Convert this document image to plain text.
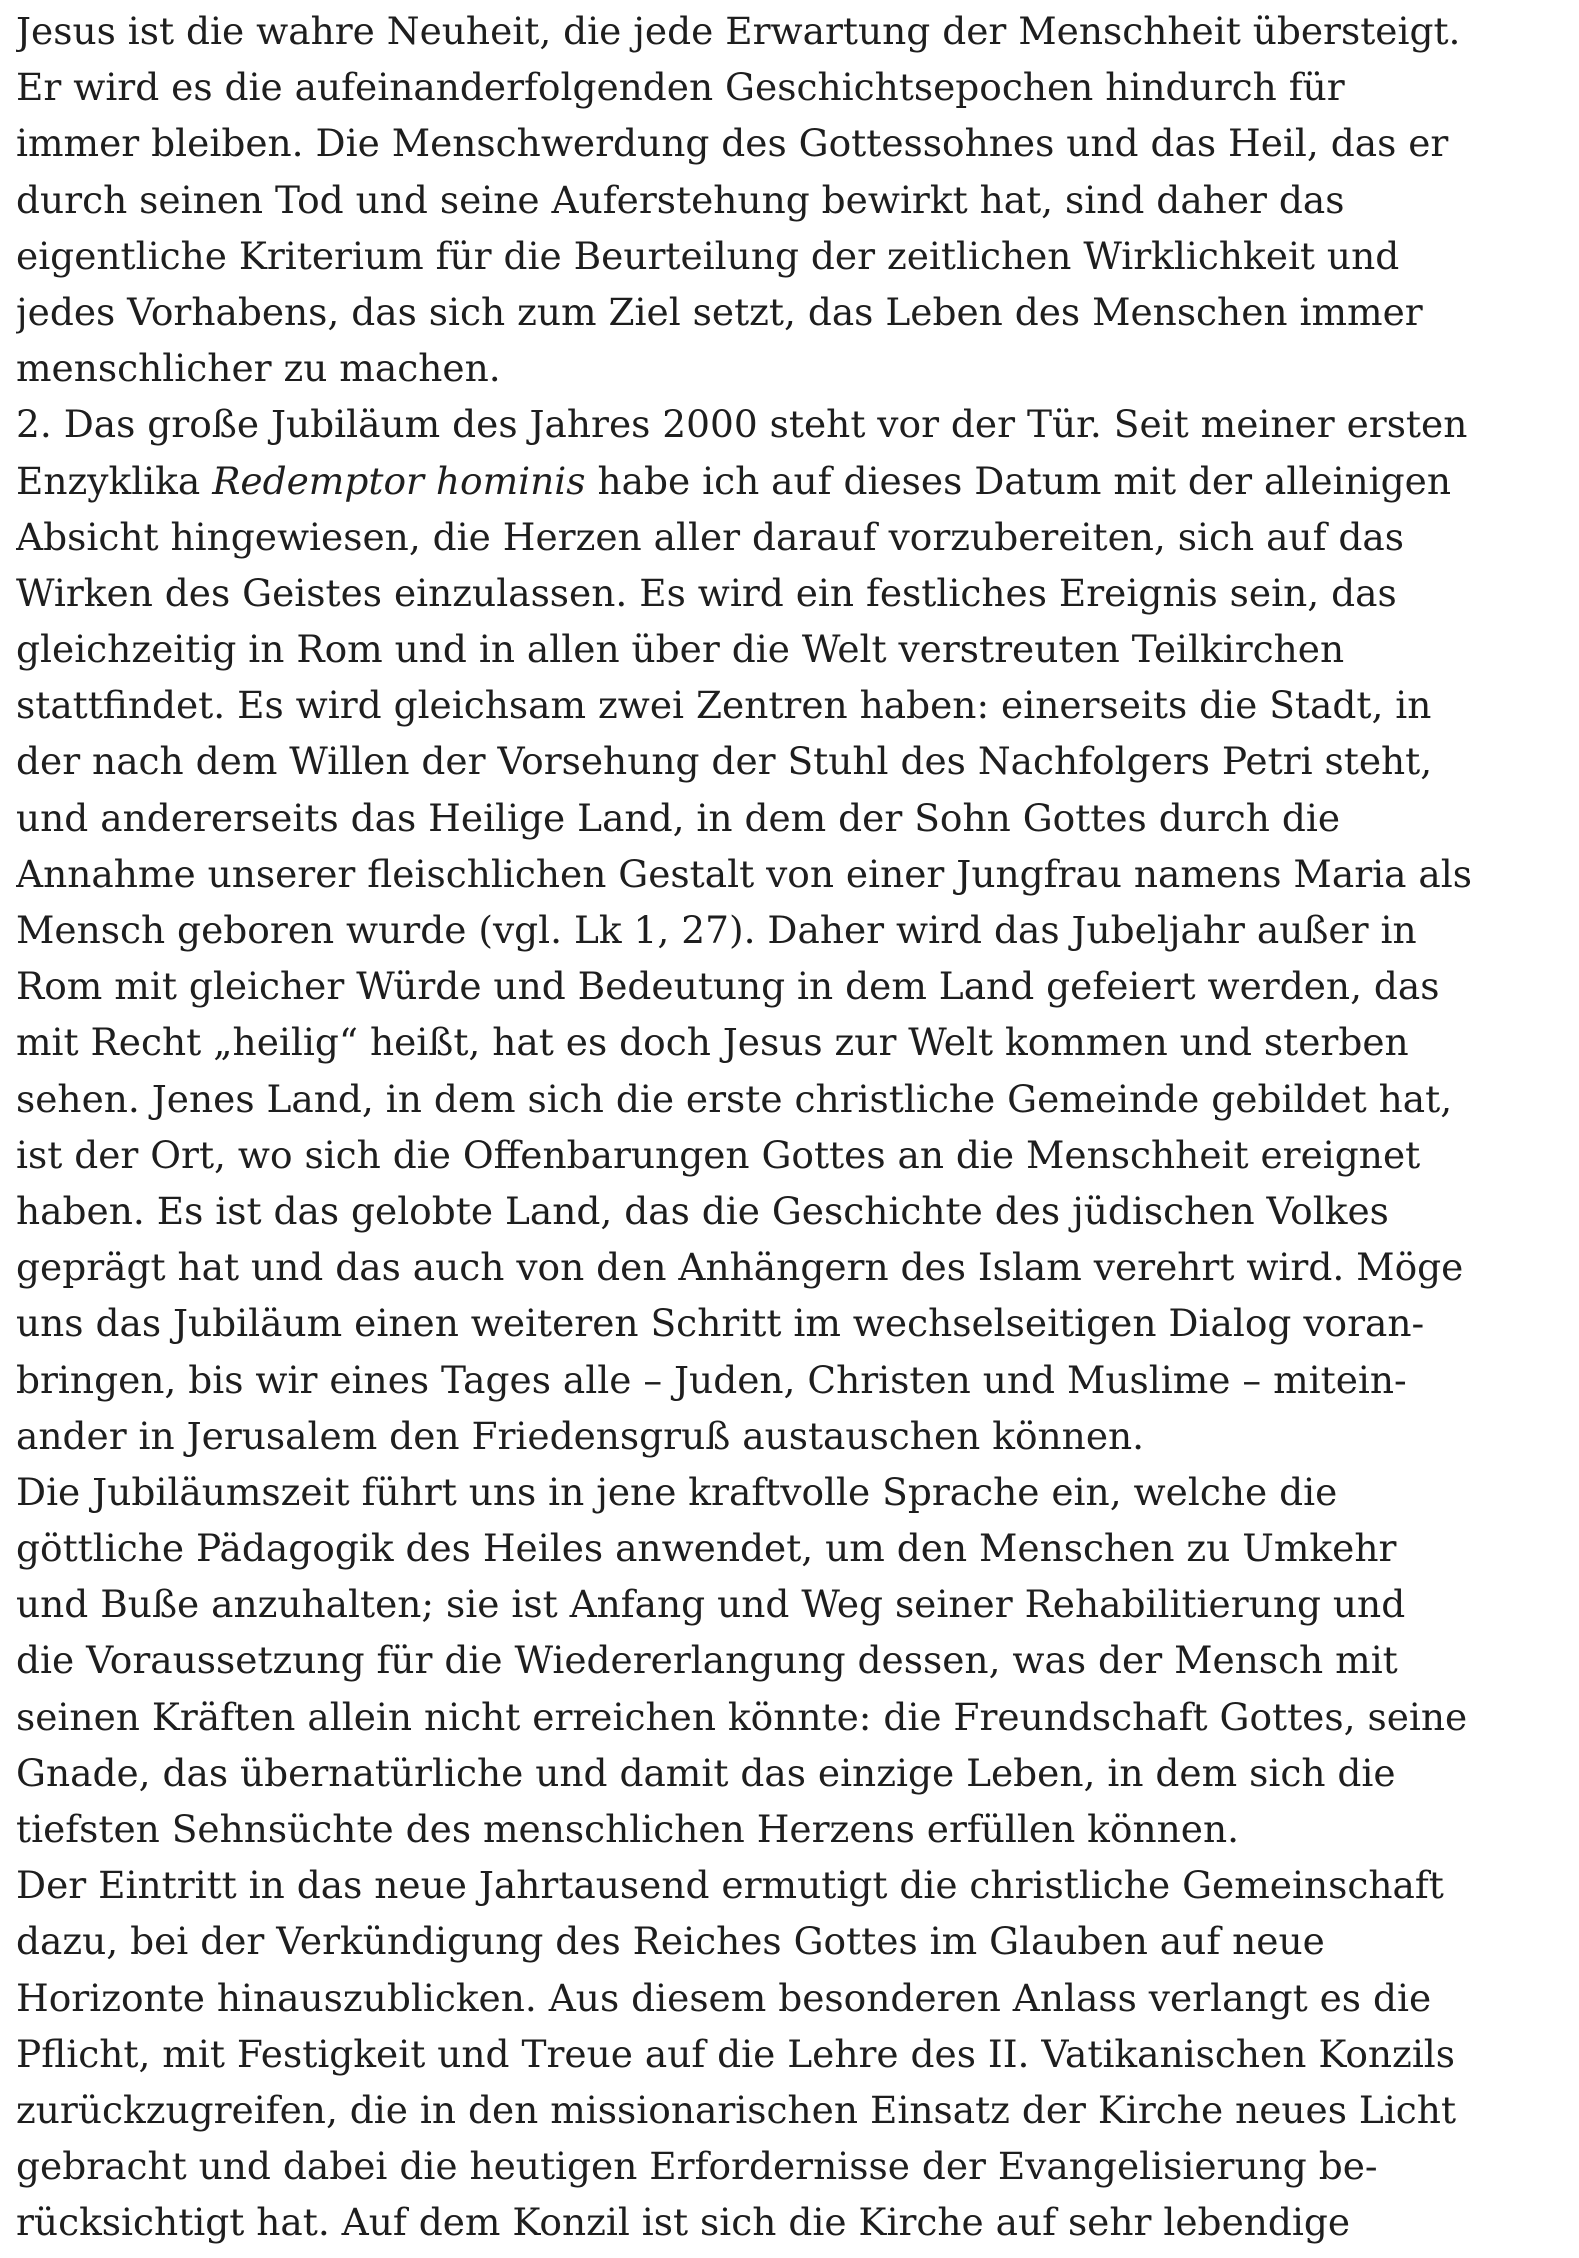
Jesus ist die wahre Neuheit, die jede Erwartung der Menschheit übersteigt.
Er wird es die aufeinanderfolgenden Geschichtsepochen hindurch für
immer bleiben. Die Menschwerdung des Gottessohnes und das Heil, das er
durch seinen Tod und seine Auferstehung bewirkt hat, sind daher das
eigentliche Kriterium für die Beurteilung der zeitlichen Wirklichkeit und
jedes Vorhabens, das sich zum Ziel setzt, das Leben des Menschen immer
menschlicher zu machen.
2. Das große Jubiläum des Jahres 2000 steht vor der Tür. Seit meiner ersten
Enzyklika Redemptor hominis habe ich auf dieses Datum mit der alleinigen
Absicht hingewiesen, die Herzen aller darauf vorzubereiten, sich auf das
Wirken des Geistes einzulassen. Es wird ein festliches Ereignis sein, das
gleichzeitig in Rom und in allen über die Welt verstreuten Teilkirchen
stattfindet. Es wird gleichsam zwei Zentren haben: einerseits die Stadt, in
der nach dem Willen der Vorsehung der Stuhl des Nachfolgers Petri steht,
und andererseits das Heilige Land, in dem der Sohn Gottes durch die
Annahme unserer fleischlichen Gestalt von einer Jungfrau namens Maria als
Mensch geboren wurde (vgl. Lk 1, 27). Daher wird das Jubeljahr außer in
Rom mit gleicher Würde und Bedeutung in dem Land gefeiert werden, das
mit Recht „heilig“ heißt, hat es doch Jesus zur Welt kommen und sterben
sehen. Jenes Land, in dem sich die erste christliche Gemeinde gebildet hat,
ist der Ort, wo sich die Offenbarungen Gottes an die Menschheit ereignet
haben. Es ist das gelobte Land, das die Geschichte des jüdischen Volkes
geprägt hat und das auch von den Anhängern des Islam verehrt wird. Möge
uns das Jubiläum einen weiteren Schritt im wechselseitigen Dialog voran-
bringen, bis wir eines Tages alle – Juden, Christen und Muslime – mitein-
ander in Jerusalem den Friedensgruß austauschen können.
Die Jubiläumszeit führt uns in jene kraftvolle Sprache ein, welche die
göttliche Pädagogik des Heiles anwendet, um den Menschen zu Umkehr
und Buße anzuhalten; sie ist Anfang und Weg seiner Rehabilitierung und
die Voraussetzung für die Wiedererlangung dessen, was der Mensch mit
seinen Kräften allein nicht erreichen könnte: die Freundschaft Gottes, seine
Gnade, das übernatürliche und damit das einzige Leben, in dem sich die
tiefsten Sehnsüchte des menschlichen Herzens erfüllen können.
Der Eintritt in das neue Jahrtausend ermutigt die christliche Gemeinschaft
dazu, bei der Verkündigung des Reiches Gottes im Glauben auf neue
Horizonte hinauszublicken. Aus diesem besonderen Anlass verlangt es die
Pflicht, mit Festigkeit und Treue auf die Lehre des II. Vatikanischen Konzils
zurückzugreifen, die in den missionarischen Einsatz der Kirche neues Licht
gebracht und dabei die heutigen Erfordernisse der Evangelisierung be-
rücksichtigt hat. Auf dem Konzil ist sich die Kirche auf sehr lebendige
